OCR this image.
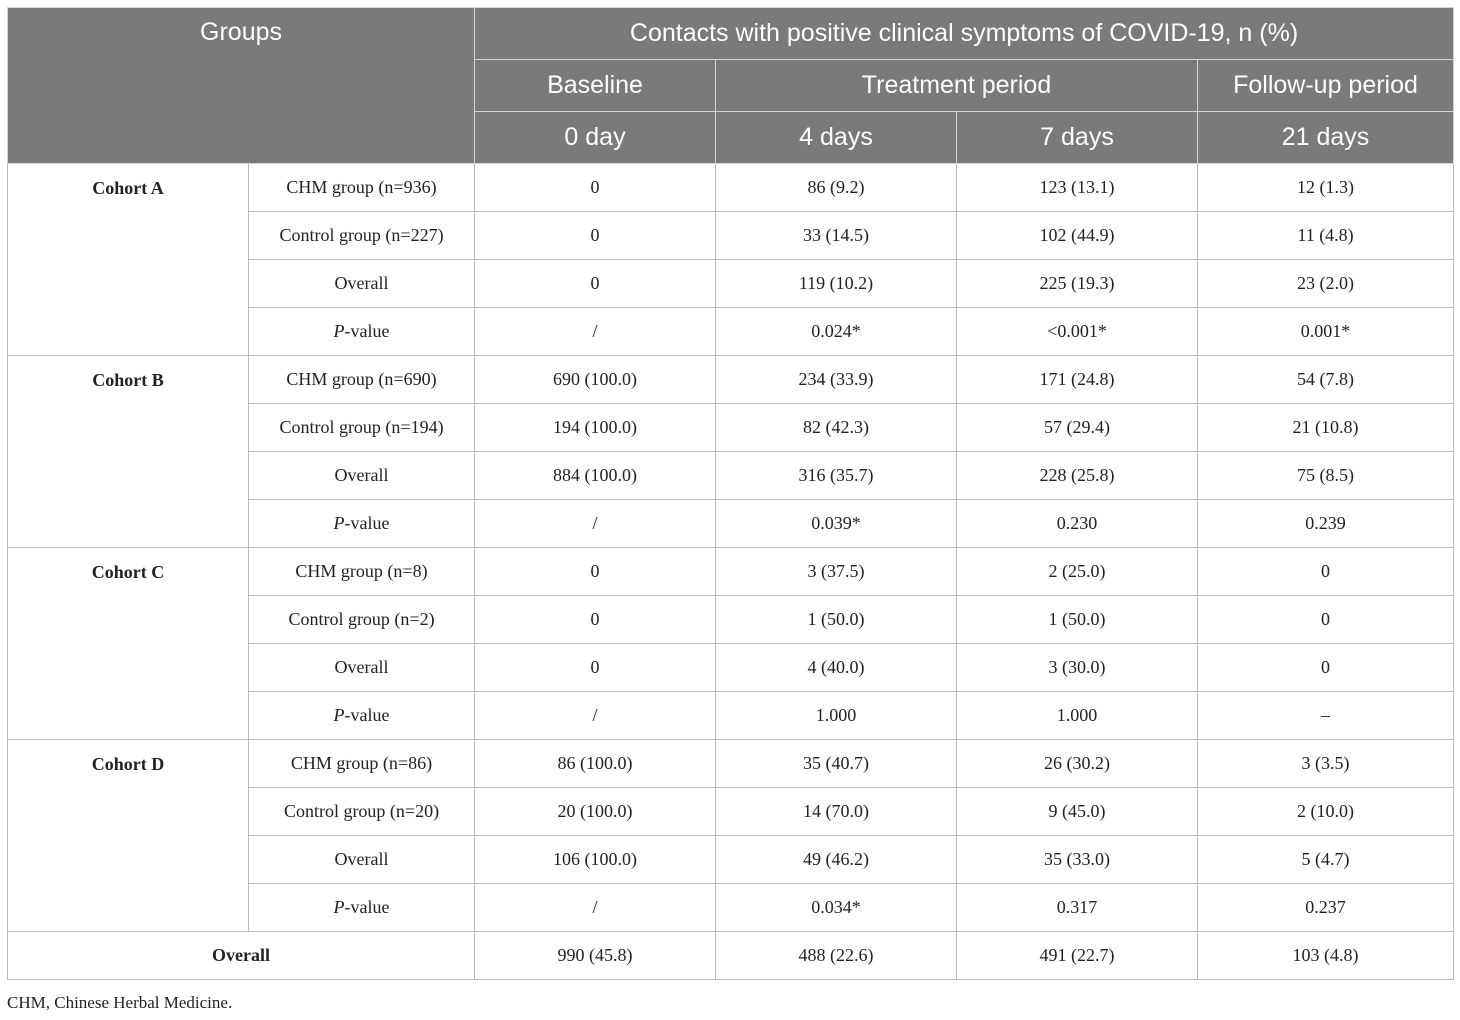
Groups		Contacts with positive clinical symptoms of COVID-19, n (%)			
		Baseline	Treatment period		Follow-up period
		0 day	4 days	7 days	21 days
Cohort A	CHM group (n=936)	0	86 (9.2)	123 (13.1)	12 (1.3)
	Control group (n=227)	0	33 (14.5)	102 (44.9)	11 (4.8)
	Overall	0	119 (10.2)	225 (19.3)	23 (2.0)
	P-value	/	0.024*	<0.001*	0.001*
Cohort B	CHM group (n=690)	690 (100.0)	234 (33.9)	171 (24.8)	54 (7.8)
	Control group (n=194)	194 (100.0)	82 (42.3)	57 (29.4)	21 (10.8)
	Overall	884 (100.0)	316 (35.7)	228 (25.8)	75 (8.5)
	P-value	/	0.039*	0.230	0.239
Cohort C	CHM group (n=8)	0	3 (37.5)	2 (25.0)	0
	Control group (n=2)	0	1 (50.0)	1 (50.0)	0
	Overall	0	4 (40.0)	3 (30.0)	0
	P-value	/	1.000	1.000	–
Cohort D	CHM group (n=86)	86 (100.0)	35 (40.7)	26 (30.2)	3 (3.5)
	Control group (n=20)	20 (100.0)	14 (70.0)	9 (45.0)	2 (10.0)
	Overall	106 (100.0)	49 (46.2)	35 (33.0)	5 (4.7)
	P-value	/	0.034*	0.317	0.237
Overall		990 (45.8)	488 (22.6)	491 (22.7)	103 (4.8)
CHM, Chinese Herbal Medicine.
